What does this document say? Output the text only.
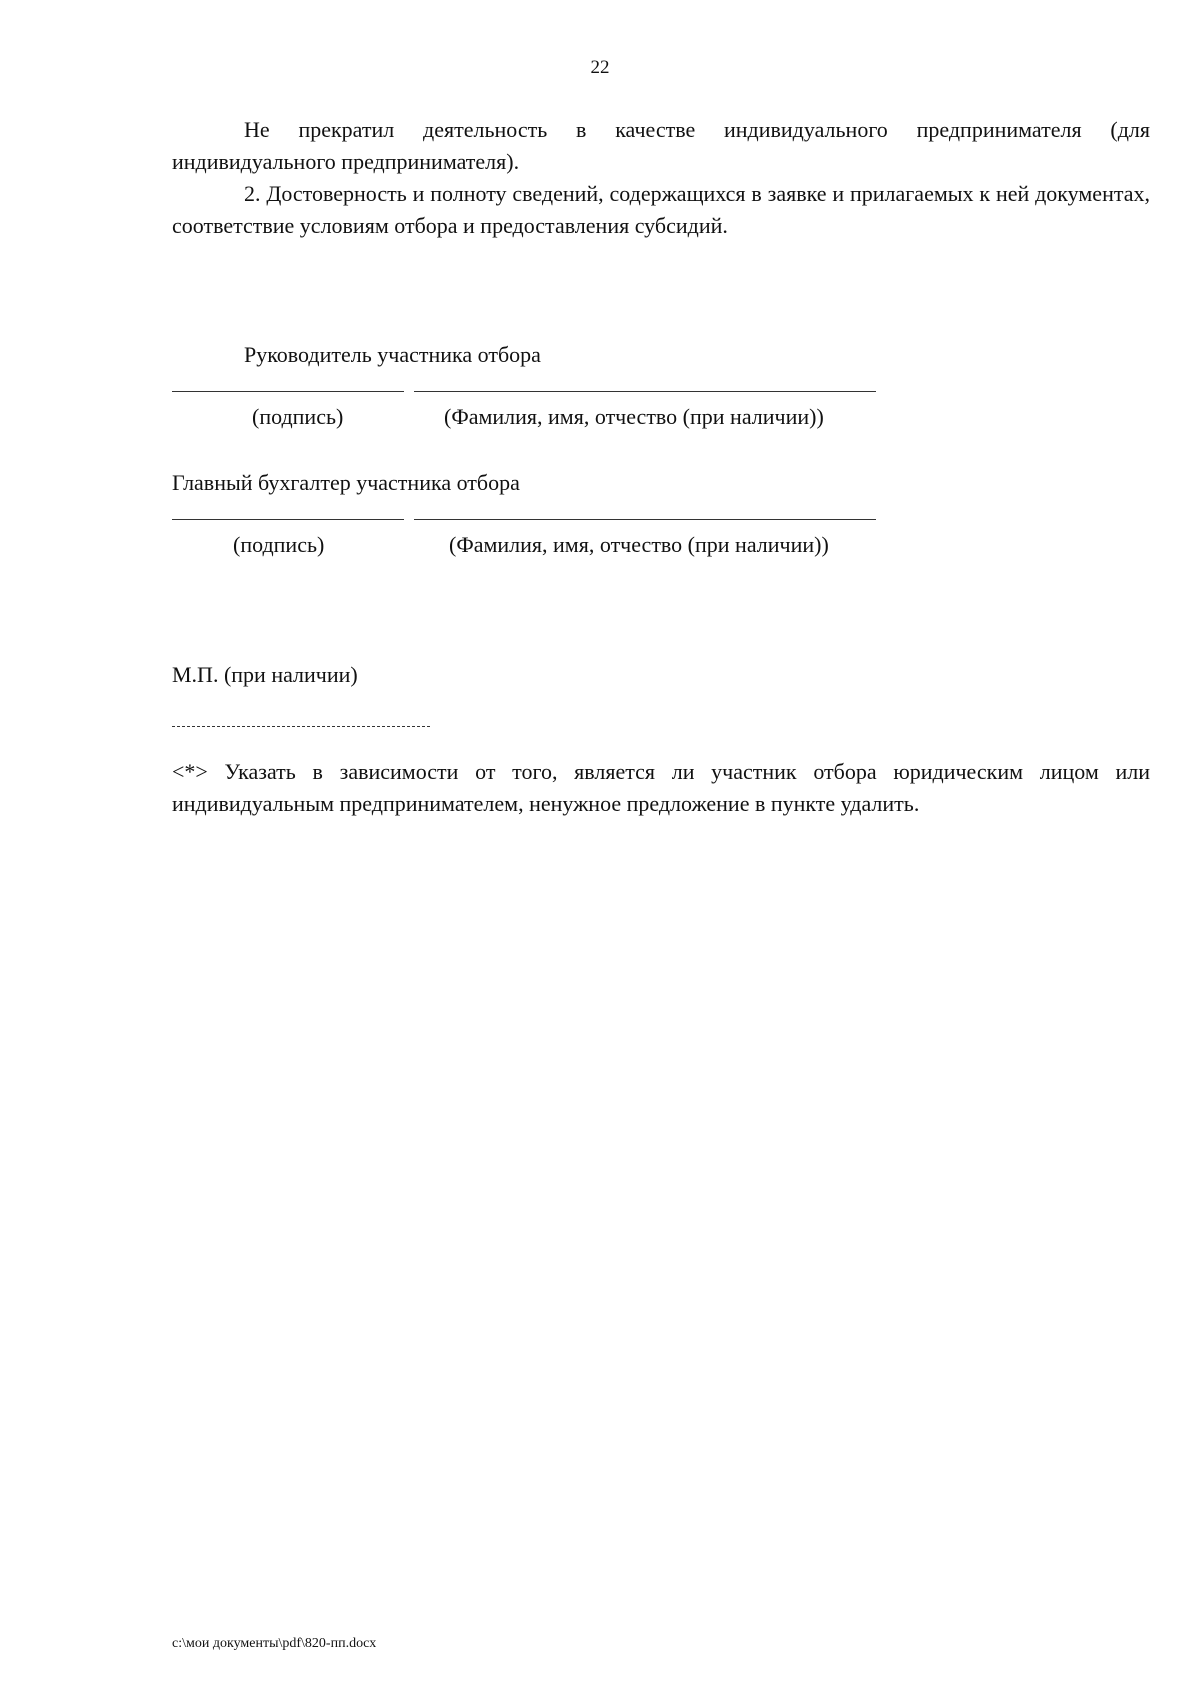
22
Не прекратил деятельность в качестве индивидуального предпринимателя (для индивидуального предпринимателя).
2. Достоверность и полноту сведений, содержащихся в заявке и прилагаемых к ней документах, соответствие условиям отбора и предоставления субсидий.
Руководитель участника отбора
(подпись)	(Фамилия, имя, отчество (при наличии))
Главный бухгалтер участника отбора
(подпись)	(Фамилия, имя, отчество (при наличии))
М.П. (при наличии)
<*> Указать в зависимости от того, является ли участник отбора юридическим лицом или индивидуальным предпринимателем, ненужное предложение в пункте удалить.
c:\мои документы\pdf\820-пп.docx
